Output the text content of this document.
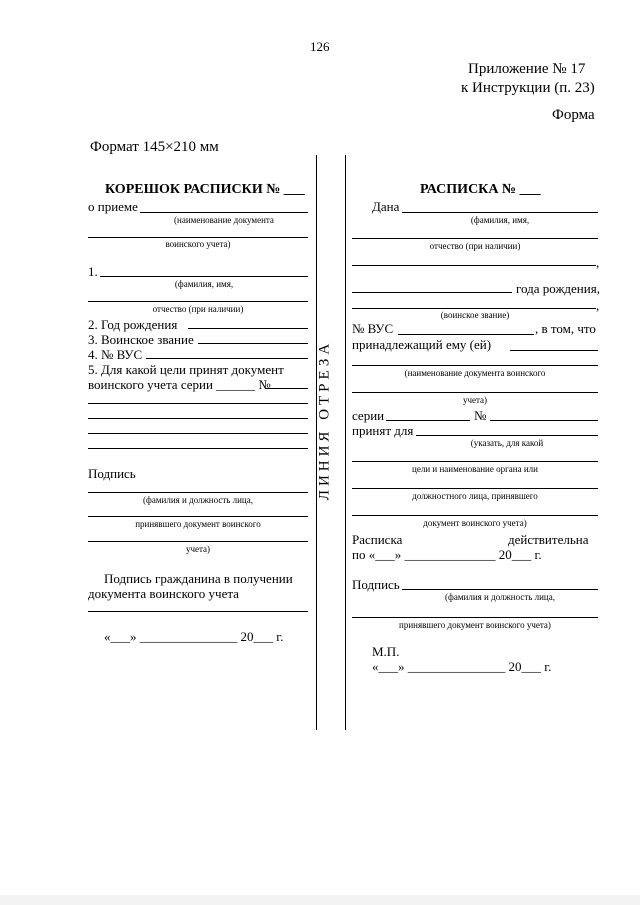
126
Приложение № 17
к Инструкции (п. 23)
Форма
Формат 145×210 мм
ЛИНИЯ ОТРЕЗА
КОРЕШОК РАСПИСКИ № ___
о приеме
(наименование документа
воинского учета)
1.
(фамилия, имя,
отчество (при наличии)
2. Год рождения
3. Воинское звание
4. № ВУС
5. Для какой цели принят документ
воинского учета серии ______ №
Подпись
(фамилия и должность лица,
принявшего документ воинского
учета)
Подпись гражданина в получении
документа воинского учета
«___» _______________ 20___ г.
РАСПИСКА № ___
Дана
(фамилия, имя,
отчество (при наличии)
,
года рождения,
,
(воинское звание)
№ ВУС	, в том, что
принадлежащий ему (ей)
(наименование документа воинского
учета)
серии	№
принят для
(указать, для какой
цели и наименование органа или
должностного лица, принявшего
документ воинского учета)
Расписка	действительна
по «___» ______________ 20___ г.
Подпись
(фамилия и должность лица,
принявшего документ воинского учета)
М.П.
«___» _______________ 20___ г.
